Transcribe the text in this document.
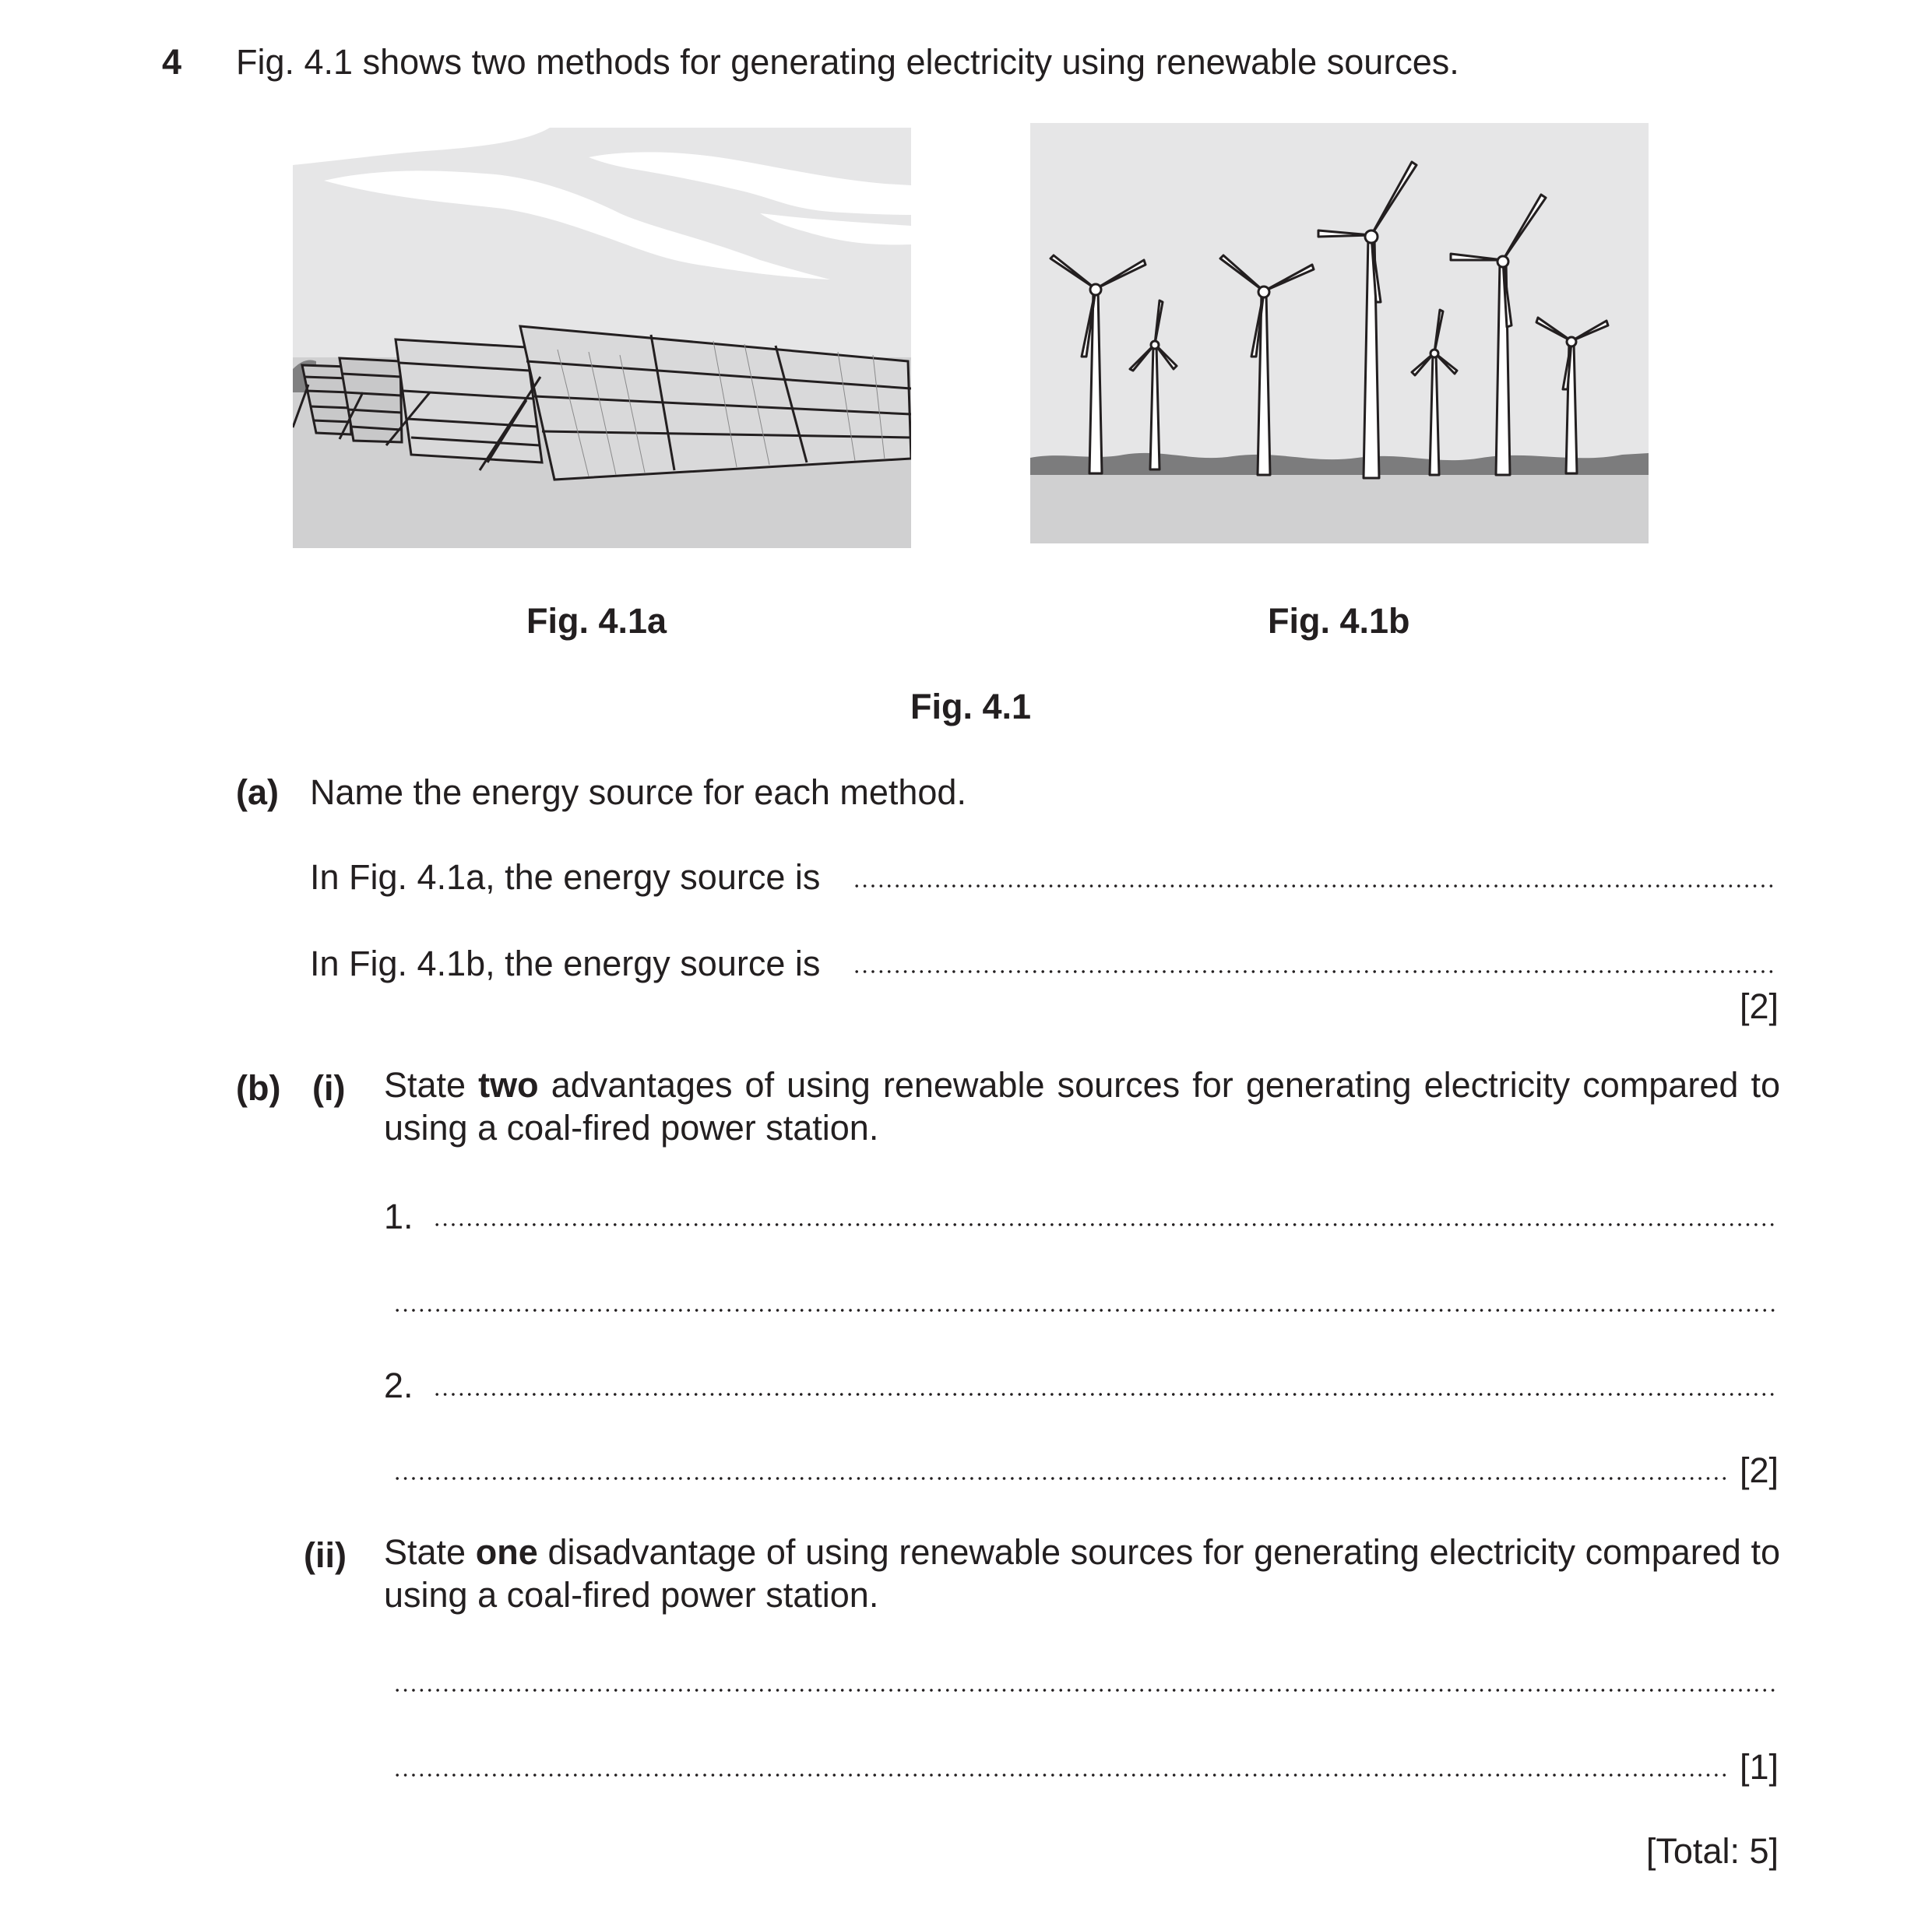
4 Fig. 4.1 shows two methods for generating electricity using renewable sources.
Fig. 4.1a	Fig. 4.1b
Fig. 4.1
(a) Name the energy source for each method.
In Fig. 4.1a, the energy source is
In Fig. 4.1b, the energy source is
[2]
(b) (i) State two advantages of using renewable sources for generating electricity compared to using a coal-fired power station.
1.
2.
[2]
(ii) State one disadvantage of using renewable sources for generating electricity compared to using a coal-fired power station.
[1]
[Total: 5]
